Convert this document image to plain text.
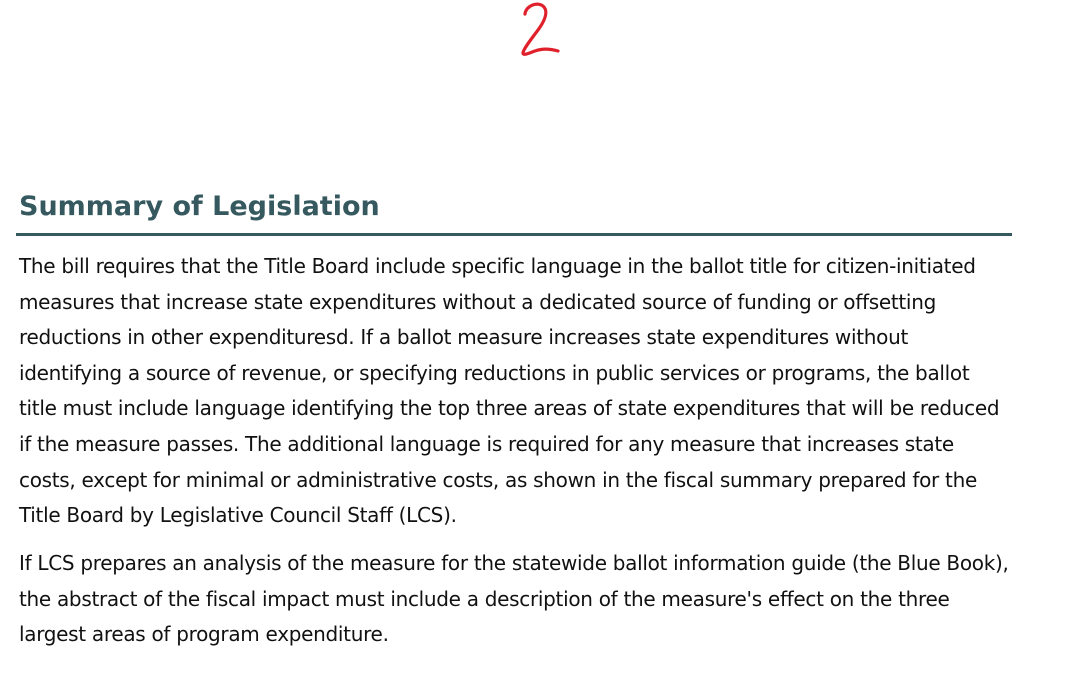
Summary of Legislation

The bill requires that the Title Board include specific language in the ballot title for citizen-initiated measures that increase state expenditures without a dedicated source of funding or offsetting reductions in other expendituresd. If a ballot measure increases state expenditures without identifying a source of revenue, or specifying reductions in public services or programs, the ballot title must include language identifying the top three areas of state expenditures that will be reduced if the measure passes. The additional language is required for any measure that increases state costs, except for minimal or administrative costs, as shown in the fiscal summary prepared for the Title Board by Legislative Council Staff (LCS).

If LCS prepares an analysis of the measure for the statewide ballot information guide (the Blue Book), the abstract of the fiscal impact must include a description of the measure's effect on the three largest areas of program expenditure.
